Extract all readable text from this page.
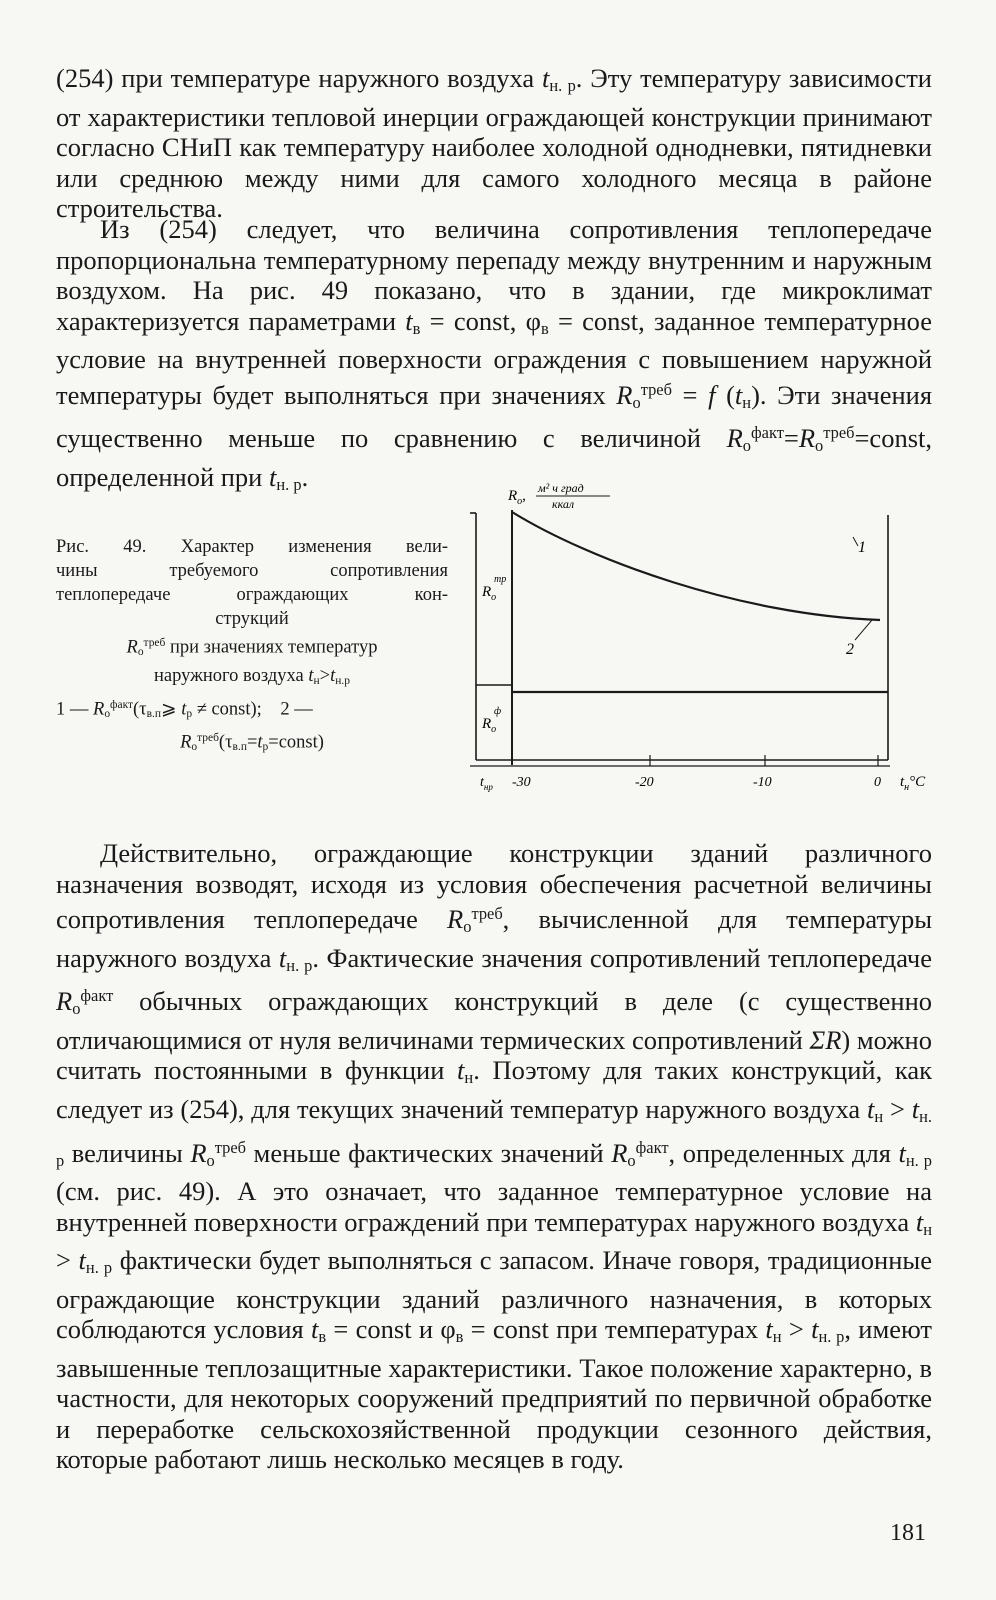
(254) при температуре наружного воздуха $t_{н. р}$. Эту температуру зависимости от характеристики тепловой инерции ограждающей конструкции принимают согласно СНиП как температуру наиболее холодной однодневки, пятидневки или среднюю между ними для самого холодного месяца в районе строительства.

Из (254) следует, что величина сопротивления теплопередаче пропорциональна температурному перепаду между внутренним и наружным воздухом. На рис. 49 показано, что в здании, где микроклимат характеризуется параметрами $t_в$ = const, $\varphi_в$ = const, заданное температурное условие на внутренней поверхности ограждения с повышением наружной температуры будет выполняться при значениях $R_о^{треб} = f$ $(t_н)$. Эти значения существенно меньше по сравнению с величиной $R_о^{факт}=R_о^{треб}=const$, определенной при $t_{н. р}$.

Рис. 49. Характер изменения вели-
чины требуемого сопротивления
теплопередаче ограждающих кон-
струкций
$R_о^{треб}$ при значениях температур
наружного воздуха $t_н>t_{н.р}$
1 — $R_о^{факт}(\tau_{в.п}⩾$ $t_р$ ≠ const); 2 —
$R_о^{треб}(\tau_{в.п}=t_р=const)$
$R_о$, м² ч град
ккал
$R_о$
тр
$R_о$
ф
1
2
$t_{нр}$ -30	-20	-10	0 $t_н^\circ C$

Действительно, ограждающие конструкции зданий различного назначения возводят, исходя из условия обеспечения расчетной величины сопротивления теплопередаче $R_о^{треб}$, вычисленной для температуры наружного воздуха $t_{н. р}$. Фактические значения сопротивлений теплопередаче $R_о^{факт}$ обычных ограждающих конструкций в деле (с существенно отличающимися от нуля величинами термических сопротивлений ΣR) можно считать постоянными в функции $t_н$. Поэтому для таких конструкций, как следует из (254), для текущих значений температур наружного воздуха $t_н > t_{н. р}$ величины $R_о^{треб}$ меньше фактических значений $R_о^{факт}$, определенных для $t_{н. р}$ (см. рис. 49). А это означает, что заданное температурное условие на внутренней поверхности ограждений при температурах наружного воздуха $t_н > t_{н. р}$ фактически будет выполняться с запасом. Иначе говоря, традиционные ограждающие конструкции зданий различного назначения, в которых соблюдаются условия $t_в$ = const и $\varphi_в$ = const при температурах $t_н > t_{н. р}$, имеют завышенные теплозащитные характеристики. Такое положение характерно, в частности, для некоторых сооружений предприятий по первичной обработке и переработке сельскохозяйственной продукции сезонного действия, которые работают лишь несколько месяцев в году.

181
